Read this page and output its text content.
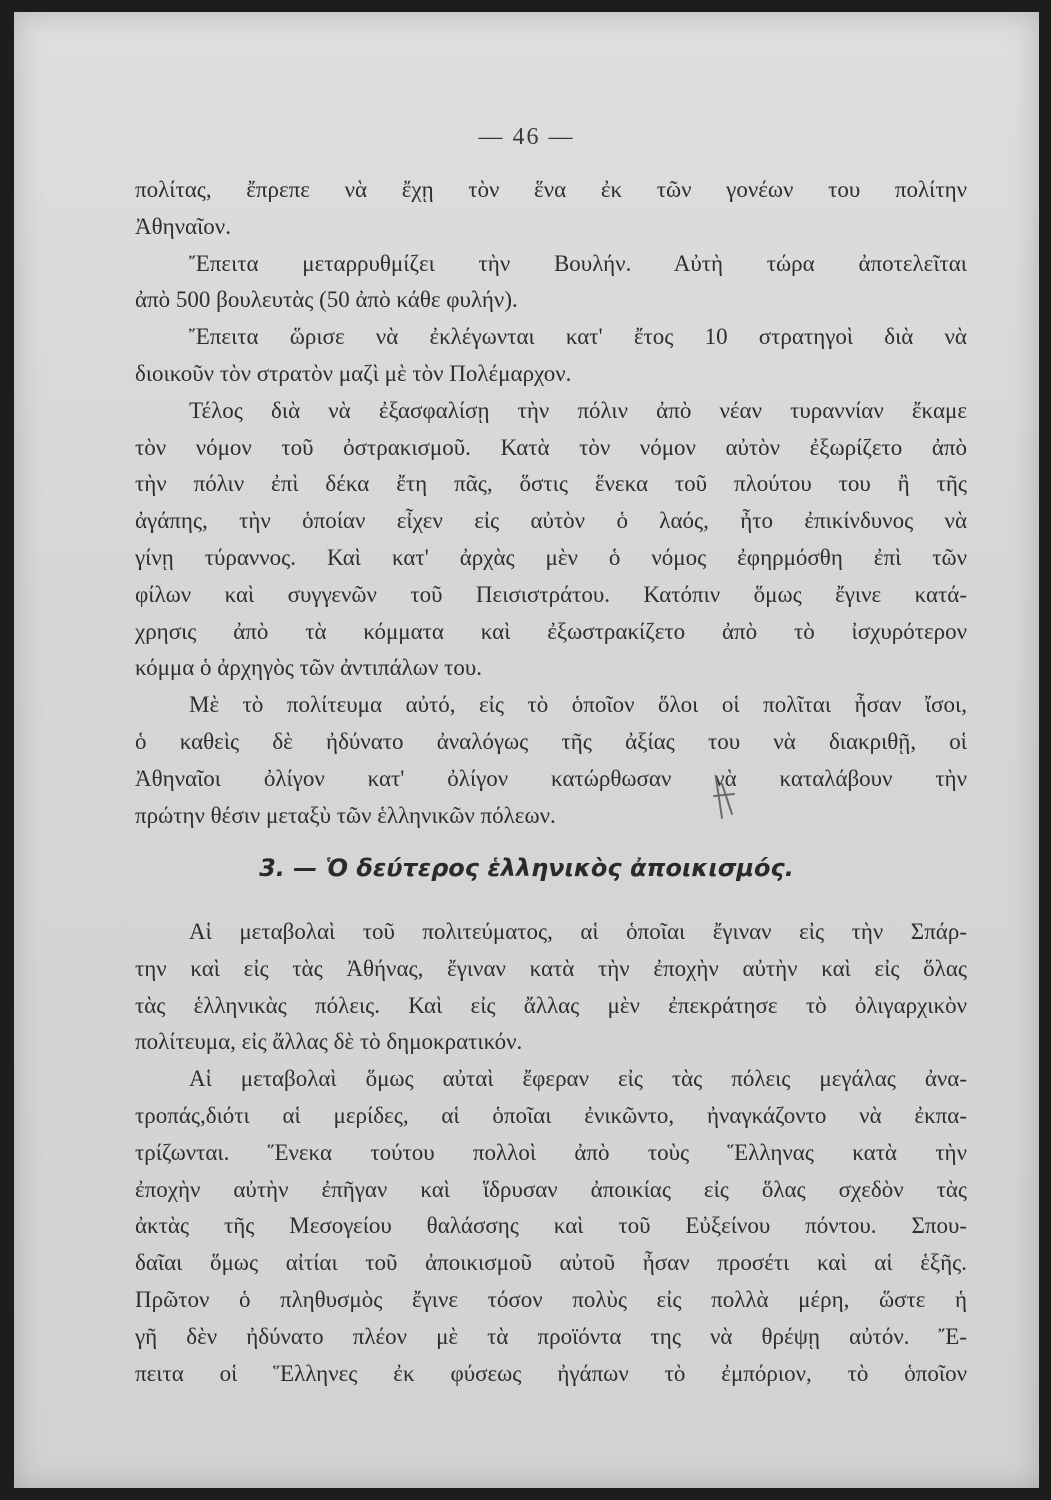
— 46 —
πολίτας, ἔπρεπε νὰ ἔχῃ τὸν ἕνα ἐκ τῶν γονέων του πολίτην
Ἀθηναῖον.
Ἔπειτα μεταρρυθμίζει τὴν Βουλήν. Αὐτὴ τώρα ἀποτελεῖται
ἀπὸ 500 βουλευτὰς (50 ἀπὸ κάθε φυλήν).
Ἔπειτα ὥρισε νὰ ἐκλέγωνται κατ' ἔτος 10 στρατηγοὶ διὰ νὰ
διοικοῦν τὸν στρατὸν μαζὶ μὲ τὸν Πολέμαρχον.
Τέλος διὰ νὰ ἐξασφαλίσῃ τὴν πόλιν ἀπὸ νέαν τυραννίαν ἔκαμε
τὸν νόμον τοῦ ὀστρακισμοῦ. Κατὰ τὸν νόμον αὐτὸν ἐξωρίζετο ἀπὸ
τὴν πόλιν ἐπὶ δέκα ἔτη πᾶς, ὅστις ἕνεκα τοῦ πλούτου του ἢ τῆς
ἀγάπης, τὴν ὁποίαν εἶχεν εἰς αὐτὸν ὁ λαός, ἦτο ἐπικίνδυνος νὰ
γίνῃ τύραννος. Καὶ κατ' ἀρχὰς μὲν ὁ νόμος ἐφηρμόσθη ἐπὶ τῶν
φίλων καὶ συγγενῶν τοῦ Πεισιστράτου. Κατόπιν ὅμως ἔγινε κατά-
χρησις ἀπὸ τὰ κόμματα καὶ ἐξωστρακίζετο ἀπὸ τὸ ἰσχυρότερον
κόμμα ὁ ἀρχηγὸς τῶν ἀντιπάλων του.
Μὲ τὸ πολίτευμα αὐτό, εἰς τὸ ὁποῖον ὅλοι οἱ πολῖται ἦσαν ἴσοι,
ὁ καθεὶς δὲ ἠδύνατο ἀναλόγως τῆς ἀξίας του νὰ διακριθῇ, οἱ
Ἀθηναῖοι ὀλίγον κατ' ὀλίγον κατώρθωσαν νὰ καταλάβουν τὴν
πρώτην θέσιν μεταξὺ τῶν ἑλληνικῶν πόλεων.
3. — Ὁ δεύτερος ἑλληνικὸς ἀποικισμός.
Αἱ μεταβολαὶ τοῦ πολιτεύματος, αἱ ὁποῖαι ἔγιναν εἰς τὴν Σπάρ-
την καὶ εἰς τὰς Ἀθήνας, ἔγιναν κατὰ τὴν ἐποχὴν αὐτὴν καὶ εἰς ὅλας
τὰς ἑλληνικὰς πόλεις. Καὶ εἰς ἄλλας μὲν ἐπεκράτησε τὸ ὀλιγαρχικὸν
πολίτευμα, εἰς ἄλλας δὲ τὸ δημοκρατικόν.
Αἱ μεταβολαὶ ὅμως αὐταὶ ἔφεραν εἰς τὰς πόλεις μεγάλας ἀνα-
τροπάς,διότι αἱ μερίδες, αἱ ὁποῖαι ἐνικῶντο, ἠναγκάζοντο νὰ ἐκπα-
τρίζωνται. Ἕνεκα τούτου πολλοὶ ἀπὸ τοὺς Ἕλληνας κατὰ τὴν
ἐποχὴν αὐτὴν ἐπῆγαν καὶ ἵδρυσαν ἀποικίας εἰς ὅλας σχεδὸν τὰς
ἀκτὰς τῆς Μεσογείου θαλάσσης καὶ τοῦ Εὐξείνου πόντου. Σπου-
δαῖαι ὅμως αἰτίαι τοῦ ἀποικισμοῦ αὐτοῦ ἦσαν προσέτι καὶ αἱ ἑξῆς.
Πρῶτον ὁ πληθυσμὸς ἔγινε τόσον πολὺς εἰς πολλὰ μέρη, ὥστε ἡ
γῆ δὲν ἠδύνατο πλέον μὲ τὰ προϊόντα της νὰ θρέψῃ αὐτόν. Ἔ-
πειτα οἱ Ἕλληνες ἐκ φύσεως ἠγάπων τὸ ἐμπόριον, τὸ ὁποῖον
